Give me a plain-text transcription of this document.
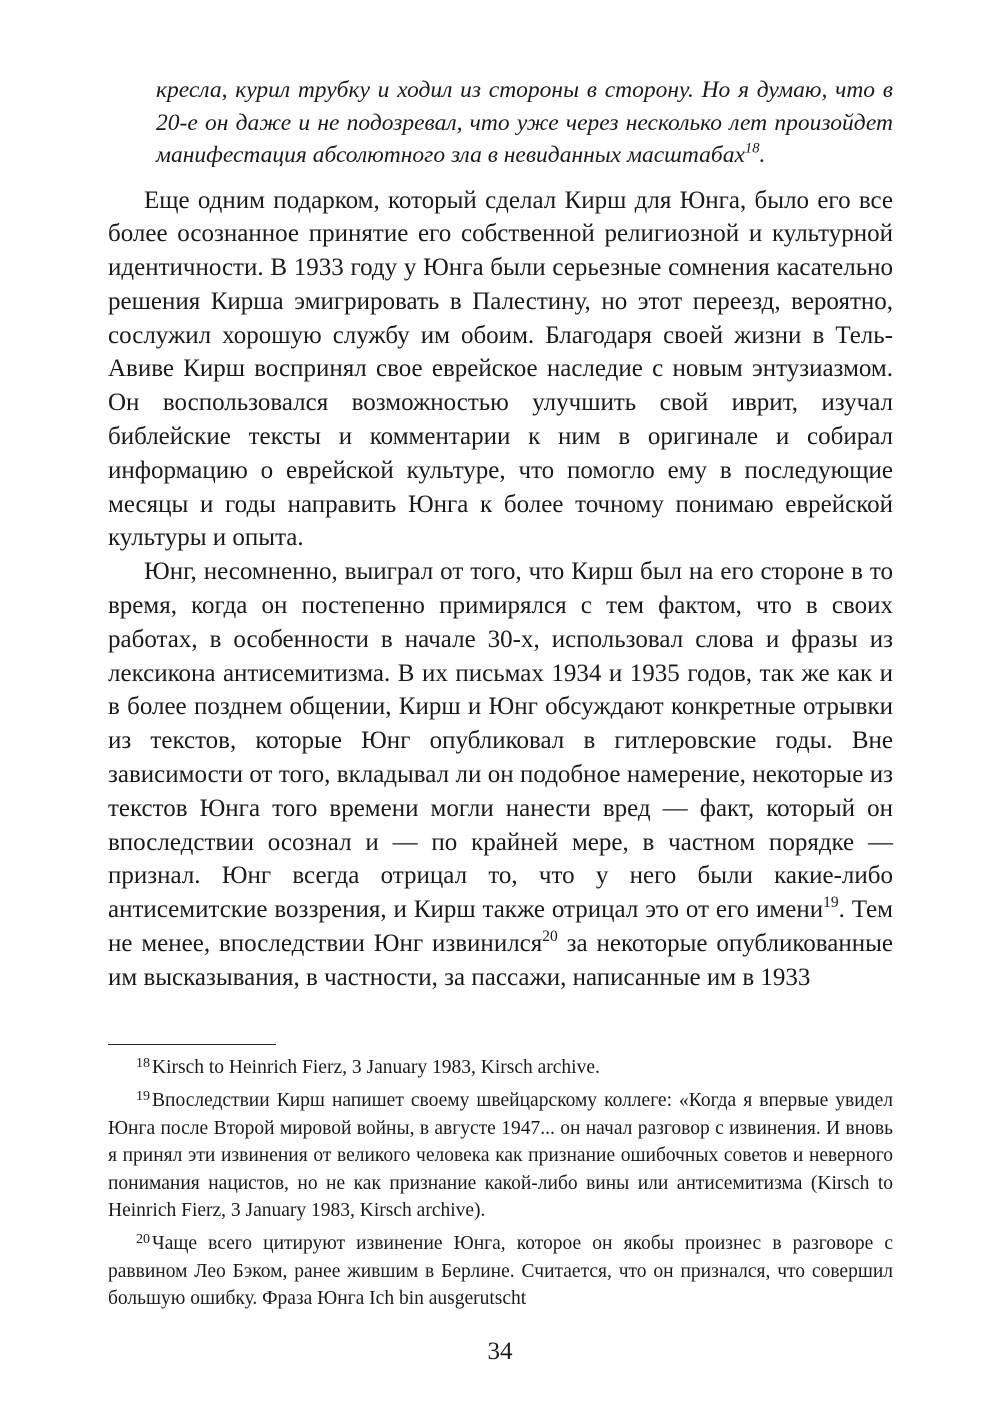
кресла, курил трубку и ходил из стороны в сторону. Но я думаю, что в 20-е он даже и не подозревал, что уже через несколько лет произойдет манифестация абсолютного зла в невиданных масштабах$^{18}$.

Еще одним подарком, который сделал Кирш для Юнга, было его все более осознанное принятие его собственной религиозной и культурной идентичности. В 1933 году у Юнга были серьезные сомнения касательно решения Кирша эмигрировать в Палестину, но этот переезд, вероятно, сослужил хорошую службу им обоим. Благодаря своей жизни в Тель-Авиве Кирш воспринял свое еврейское наследие с новым энтузиазмом. Он воспользовался возможностью улучшить свой иврит, изучал библейские тексты и комментарии к ним в оригинале и собирал информацию о еврейской культуре, что помогло ему в последующие месяцы и годы направить Юнга к более точному понимаю еврейской культуры и опыта.

Юнг, несомненно, выиграл от того, что Кирш был на его стороне в то время, когда он постепенно примирялся с тем фактом, что в своих работах, в особенности в начале 30-х, использовал слова и фразы из лексикона антисемитизма. В их письмах 1934 и 1935 годов, так же как и в более позднем общении, Кирш и Юнг обсуждают конкретные отрывки из текстов, которые Юнг опубликовал в гитлеровские годы. Вне зависимости от того, вкладывал ли он подобное намерение, некоторые из текстов Юнга того времени могли нанести вред — факт, который он впоследствии осознал и — по крайней мере, в частном порядке — признал. Юнг всегда отрицал то, что у него были какие-либо антисемитские воззрения, и Кирш также отрицал это от его имени$^{19}$. Тем не менее, впоследствии Юнг извинился$^{20}$ за некоторые опубликованные им высказывания, в частности, за пассажи, написанные им в 1933

$^{18}$ Kirsch to Heinrich Fierz, 3 January 1983, Kirsch archive.

$^{19}$ Впоследствии Кирш напишет своему швейцарскому коллеге: «Когда я впервые увидел Юнга после Второй мировой войны, в августе 1947... он начал разговор с извинения. И вновь я принял эти извинения от великого человека как признание ошибочных советов и неверного понимания нацистов, но не как признание какой-либо вины или антисемитизма (Kirsch to Heinrich Fierz, 3 January 1983, Kirsch archive).

$^{20}$ Чаще всего цитируют извинение Юнга, которое он якобы произнес в разговоре с раввином Лео Бэком, ранее жившим в Берлине. Считается, что он признался, что совершил большую ошибку. Фраза Юнга Ich bin ausgerutscht

34
